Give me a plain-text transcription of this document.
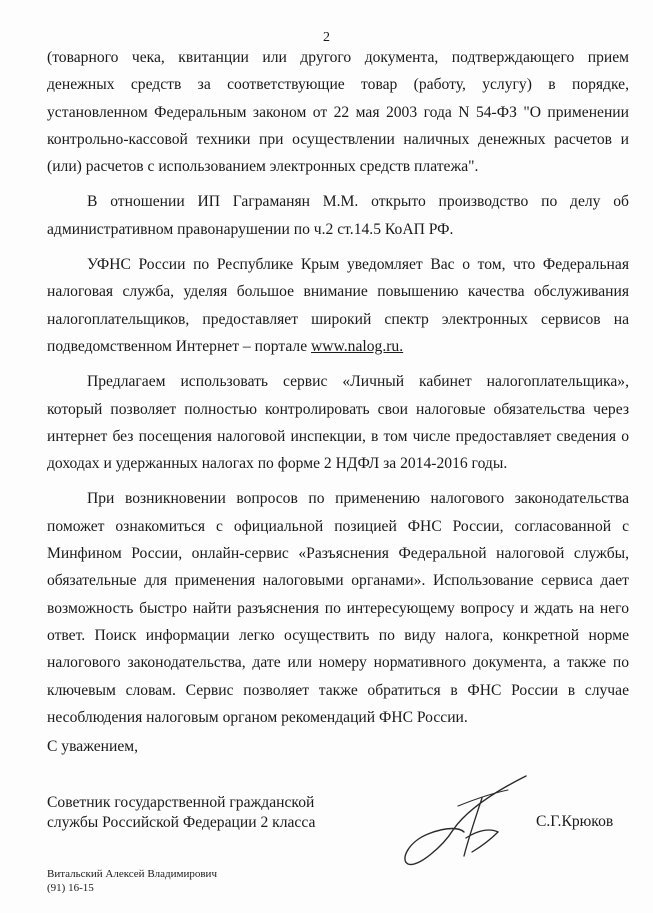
2

(товарного чека, квитанции или другого документа, подтверждающего прием денежных средств за соответствующие товар (работу, услугу) в порядке, установленном Федеральным законом от 22 мая 2003 года N 54-ФЗ "О применении контрольно-кассовой техники при осуществлении наличных денежных расчетов и (или) расчетов с использованием электронных средств платежа".

В отношении ИП Гаграманян М.М. открыто производство по делу об административном правонарушении по ч.2 ст.14.5 КоАП РФ.

УФНС России по Республике Крым уведомляет Вас о том, что Федеральная налоговая служба, уделяя большое внимание повышению качества обслуживания налогоплательщиков, предоставляет широкий спектр электронных сервисов на подведомственном Интернет – портале www.nalog.ru.

Предлагаем использовать сервис «Личный кабинет налогоплательщика», который позволяет полностью контролировать свои налоговые обязательства через интернет без посещения налоговой инспекции, в том числе предоставляет сведения о доходах и удержанных налогах по форме 2 НДФЛ за 2014-2016 годы.

При возникновении вопросов по применению налогового законодательства поможет ознакомиться с официальной позицией ФНС России, согласованной с Минфином России, онлайн-сервис «Разъяснения Федеральной налоговой службы, обязательные для применения налоговыми органами». Использование сервиса дает возможность быстро найти разъяснения по интересующему вопросу и ждать на него ответ. Поиск информации легко осуществить по виду налога, конкретной норме налогового законодательства, дате или номеру нормативного документа, а также по ключевым словам. Сервис позволяет также обратиться в ФНС России в случае несоблюдения налоговым органом рекомендаций ФНС России.

С уважением,
Советник государственной гражданской
службы Российской Федерации 2 класса	С.Г.Крюков
Витальский Алексей Владимирович
(91) 16-15
